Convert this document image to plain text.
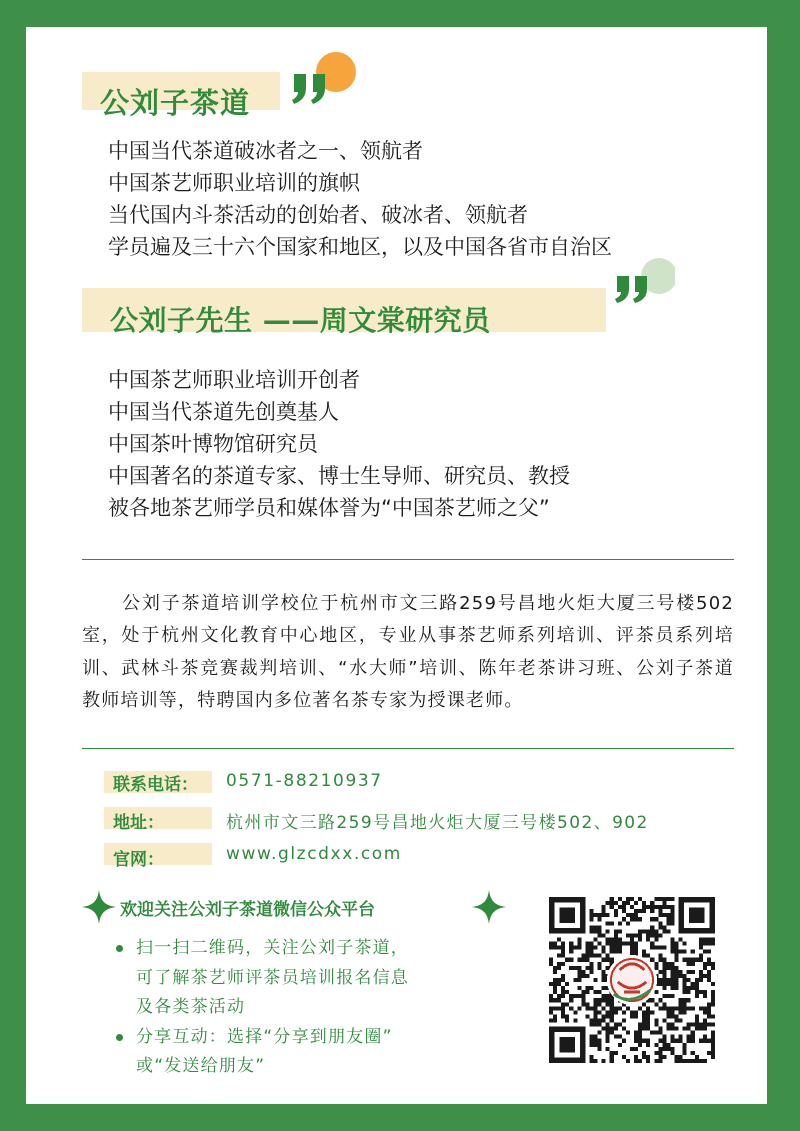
公刘子茶道
中国当代茶道破冰者之一、领航者
中国茶艺师职业培训的旗帜
当代国内斗茶活动的创始者、破冰者、领航者
学员遍及三十六个国家和地区，以及中国各省市自治区
公刘子先生 ——周文棠研究员
中国茶艺师职业培训开创者
中国当代茶道先创奠基人
中国茶叶博物馆研究员
中国著名的茶道专家、博士生导师、研究员、教授
被各地茶艺师学员和媒体誉为“中国茶艺师之父”
公刘子茶道培训学校位于杭州市文三路259号昌地火炬大厦三号楼502室，处于杭州文化教育中心地区，专业从事茶艺师系列培训、评茶员系列培训、武林斗茶竞赛裁判培训、“水大师”培训、陈年老茶讲习班、公刘子茶道教师培训等，特聘国内多位著名茶专家为授课老师。
联系电话： 0571-88210937
地址：	杭州市文三路259号昌地火炬大厦三号楼502、902
官网：	www.glzcdxx.com
欢迎关注公刘子茶道微信公众平台
扫一扫二维码，关注公刘子茶道，
可了解茶艺师评茶员培训报名信息
及各类茶活动
分享互动：选择“分享到朋友圈”
或“发送给朋友”
